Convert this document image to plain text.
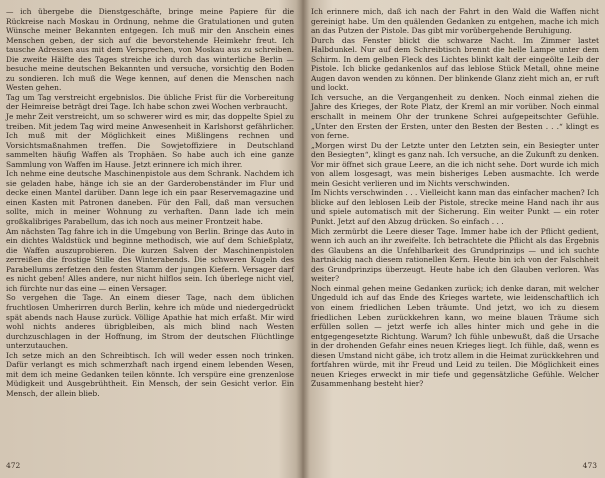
— ich übergebe die Dienstgeschäfte, bringe meine Papiere für die Rückreise nach Moskau in Ordnung, nehme die Gratulationen und guten Wünsche meiner Bekannten entgegen. Ich muß mir den Anschein eines Menschen geben, der sich auf die bevorstehende Heimkehr freut. Ich tausche Adressen aus mit dem Versprechen, von Moskau aus zu schreiben. Die zweite Hälfte des Tages streiche ich durch das winterliche Berlin — besuche meine deutschen Bekannten und versuche, vorsichtig den Boden zu sondieren. Ich muß die Wege kennen, auf denen die Menschen nach Westen gehen.

Tag um Tag verstreicht ergebnislos. Die übliche Frist für die Vorbereitung der Heimreise beträgt drei Tage. Ich habe schon zwei Wochen verbraucht.

Je mehr Zeit verstreicht, um so schwerer wird es mir, das doppelte Spiel zu treiben. Mit jedem Tag wird meine Anwesenheit in Karlshorst gefährlicher. Ich muß mit der Möglichkeit eines Mißlingens rechnen und Vorsichtsmaßnahmen treffen. Die Sowjetoffiziere in Deutschland sammelten häufig Waffen als Trophäen. So habe auch ich eine ganze Sammlung von Waffen im Hause. Jetzt erinnere ich mich ihrer.

Ich nehme eine deutsche Maschinenpistole aus dem Schrank. Nachdem ich sie geladen habe, hänge ich sie an der Garderobenständer im Flur und decke einen Mantel darüber. Dann lege ich ein paar Reservemagazine und einen Kasten mit Patronen daneben. Für den Fall, daß man versuchen sollte, mich in meiner Wohnung zu verhaften. Dann lade ich mein großkalibriges Parabellum, das ich noch aus meiner Frontzeit habe.

Am nächsten Tag fahre ich in die Umgebung von Berlin. Bringe das Auto in ein dichtes Waldstück und beginne methodisch, wie auf dem Schießplatz, die Waffen auszuprobieren. Die kurzen Salven der Maschinenpistolen zerreißen die frostige Stille des Winterabends. Die schweren Kugeln des Parabellums zerfetzen den festen Stamm der jungen Kiefern. Versager darf es nicht geben! Alles andere, nur nicht hilflos sein. Ich überlege nicht viel, ich fürchte nur das eine — einen Versager.

So vergehen die Tage. An einem dieser Tage, nach dem üblichen fruchtlosen Umherirren durch Berlin, kehre ich müde und niedergedrückt spät abends nach Hause zurück. Völlige Apathie hat mich erfaßt. Mir wird wohl nichts anderes übrigbleiben, als mich blind nach Westen durchzuschlagen in der Hoffnung, im Strom der deutschen Flüchtlinge unterzutauchen.

Ich setze mich an den Schreibtisch. Ich will weder essen noch trinken. Dafür verlangt es mich schmerzhaft nach irgend einem lebenden Wesen, mit dem ich meine Gedanken teilen könnte. Ich verspüre eine grenzenlose Müdigkeit und Ausgebrühtheit. Ein Mensch, der sein Gesicht verlor. Ein Mensch, der allein blieb.

472

Ich erinnere mich, daß ich nach der Fahrt in den Wald die Waffen nicht gereinigt habe. Um den quälenden Gedanken zu entgehen, mache ich mich an das Putzen der Pistole. Das gibt mir vorübergehende Beruhigung.

Durch das Fenster blickt die schwarze Nacht. Im Zimmer lastet Halbdunkel. Nur auf dem Schreibtisch brennt die helle Lampe unter dem Schirm. In dem gelben Fleck des Lichtes blinkt kalt der eingeölte Leib der Pistole. Ich blicke gedankenlos auf das leblose Stück Metall, ohne meine Augen davon wenden zu können. Der blinkende Glanz zieht mich an, er ruft und lockt.

Ich versuche, an die Vergangenheit zu denken. Noch einmal ziehen die Jahre des Krieges, der Rote Platz, der Kreml an mir vorüber. Noch einmal erschallt in meinem Ohr der trunkene Schrei aufgepeitschter Gefühle. „Unter den Ersten der Ersten, unter den Besten der Besten . . .“ klingt es von ferne.

„Morgen wirst Du der Letzte unter den Letzten sein, ein Besiegter unter den Besiegten“, klingt es ganz nah. Ich versuche, an die Zukunft zu denken. Vor mir öffnet sich graue Leere, an die ich nicht sehe. Dort wurde ich mich von allem losgesagt, was mein bisheriges Leben ausmachte. Ich werde mein Gesicht verlieren und im Nichts verschwinden.

Im Nichts verschwinden . . . Vielleicht kann man das einfacher machen? Ich blicke auf den leblosen Leib der Pistole, strecke meine Hand nach ihr aus und spiele automatisch mit der Sicherung. Ein weiter Punkt — ein roter Punkt. Jetzt auf den Abzug drücken. So einfach . . .

Mich zermürbt die Leere dieser Tage. Immer habe ich der Pflicht gedient, wenn ich auch an ihr zweifelte. Ich betrachtete die Pflicht als das Ergebnis des Glaubens an die Unfehlbarkeit des Grundprinzips — und ich suchte hartnäckig nach diesem rationellen Kern. Heute bin ich von der Falschheit des Grundprinzips überzeugt. Heute habe ich den Glauben verloren. Was weiter?

Noch einmal gehen meine Gedanken zurück; ich denke daran, mit welcher Ungeduld ich auf das Ende des Krieges wartete, wie leidenschaftlich ich von einem friedlichen Leben träumte. Und jetzt, wo ich zu diesem friedlichen Leben zurückkehren kann, wo meine blauen Träume sich erfüllen sollen — jetzt werfe ich alles hinter mich und gehe in die entgegengesetzte Richtung. Warum? Ich fühle unbewußt, daß die Ursache in der drohenden Gefahr eines neuen Krieges liegt. Ich fühle, daß, wenn es diesen Umstand nicht gäbe, ich trotz allem in die Heimat zurückkehren und fortfahren würde, mit ihr Freud und Leid zu teilen. Die Möglichkeit eines neuen Krieges erweckt in mir tiefe und gegensätzliche Gefühle. Welcher Zusammenhang besteht hier?

473
